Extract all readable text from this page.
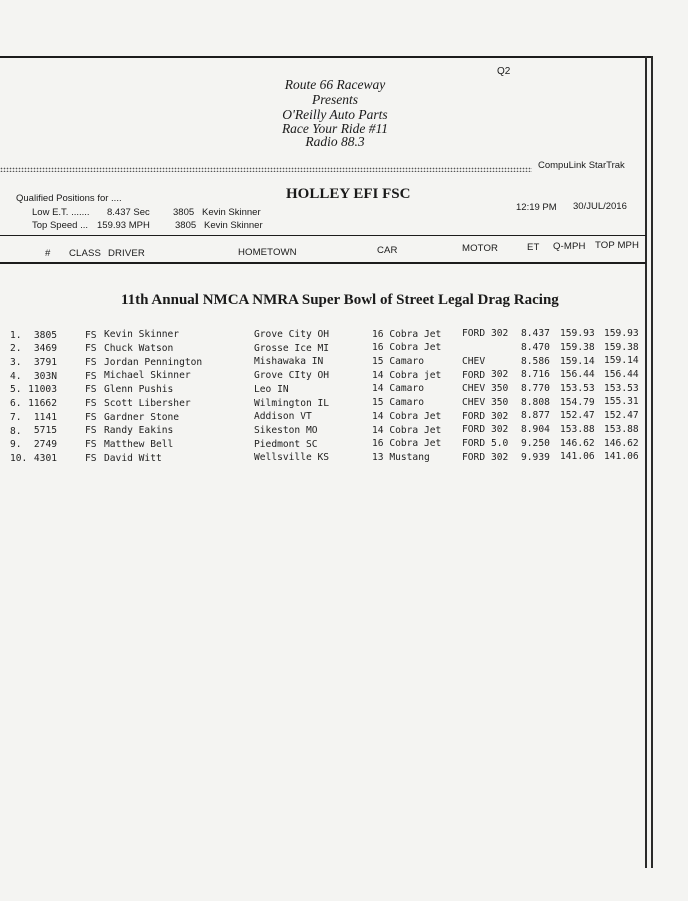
Q2
Route 66 Raceway
Presents
O'Reilly Auto Parts
Race Your Ride #11
Radio 88.3
CompuLink StarTrak
HOLLEY EFI FSC
Qualified Positions for ....
Low E.T. ....... 8.437 Sec 3805 Kevin Skinner
Top Speed ... 159.93 MPH	3805 Kevin Skinner
12:19 PM 30/JUL/2016
# CLASS DRIVER	HOMETOWN	CAR	MOTOR	ET Q-MPH TOP MPH
11th Annual NMCA NMRA Super Bowl of Street Legal Drag Racing
1. 3805	FS Kevin Skinner	Grove City OH	16 Cobra Jet FORD 302 8.437 159.93 159.93
2. 3469	FS Chuck Watson	Grosse Ice MI	16 Cobra Jet	8.470 159.38 159.38
3. 3791	FS Jordan Pennington	Mishawaka IN	15 Camaro	CHEV	8.586 159.14 159.14
4. 303N	FS Michael Skinner	Grove CIty OH	14 Cobra jet FORD 302 8.716 156.44 156.44
5. 11003	FS Glenn Pushis	Leo IN	14 Camaro	CHEV 350 8.770 153.53 153.53
6. 11662	FS Scott Libersher	Wilmington IL	15 Camaro	CHEV 350 8.808 154.79 155.31
7. 1141	FS Gardner Stone	Addison VT	14 Cobra Jet FORD 302 8.877 152.47 152.47
8. 5715	FS Randy Eakins	Sikeston MO	14 Cobra Jet FORD 302 8.904 153.88 153.88
9. 2749	FS Matthew Bell	Piedmont SC	16 Cobra Jet FORD 5.0 9.250 146.62 146.62
10. 4301	FS David Witt	Wellsville KS	13 Mustang	FORD 302 9.939 141.06 141.06
